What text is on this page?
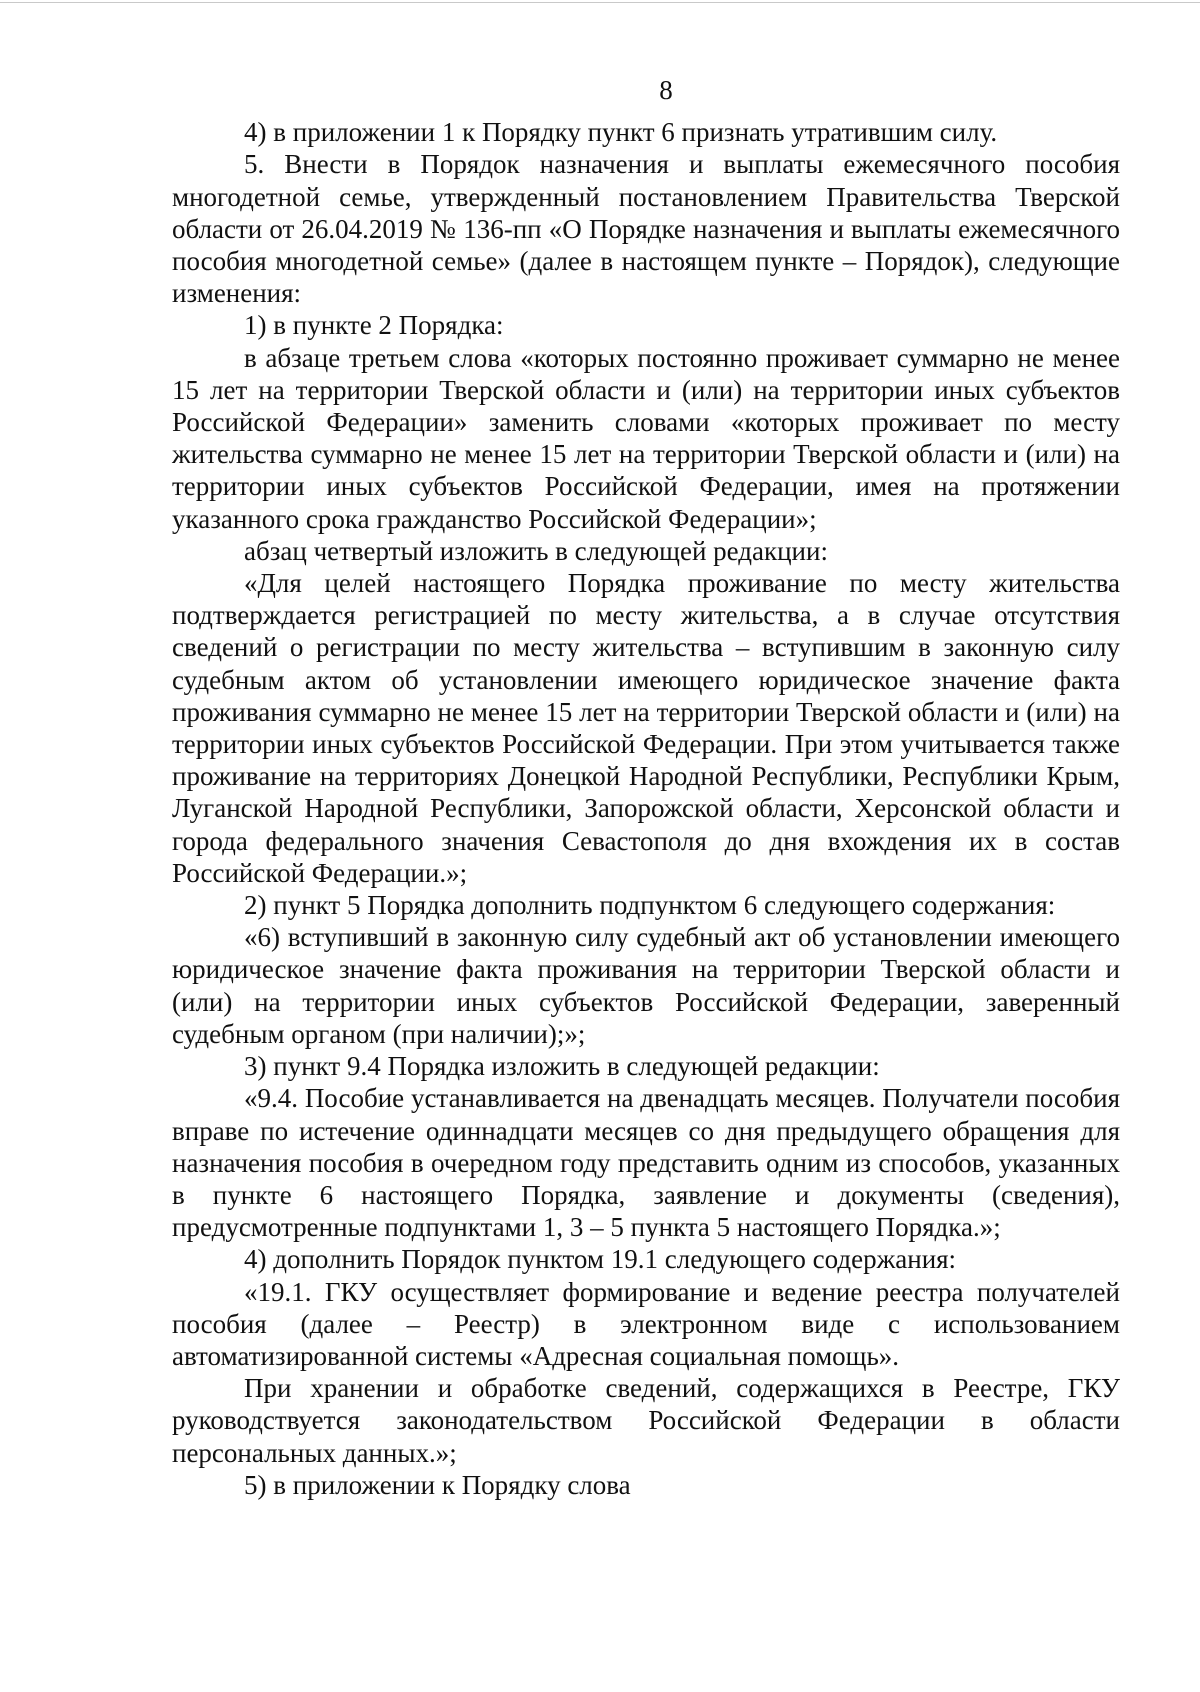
8

4) в приложении 1 к Порядку пункт 6 признать утратившим силу.

5. Внести в Порядок назначения и выплаты ежемесячного пособия многодетной семье, утвержденный постановлением Правительства Тверской области от 26.04.2019 № 136-пп «О Порядке назначения и выплаты ежемесячного пособия многодетной семье» (далее в настоящем пункте – Порядок), следующие изменения:

1) в пункте 2 Порядка:

в абзаце третьем слова «которых постоянно проживает суммарно не менее 15 лет на территории Тверской области и (или) на территории иных субъектов Российской Федерации» заменить словами «которых проживает по месту жительства суммарно не менее 15 лет на территории Тверской области и (или) на территории иных субъектов Российской Федерации, имея на протяжении указанного срока гражданство Российской Федерации»;

абзац четвертый изложить в следующей редакции:

«Для целей настоящего Порядка проживание по месту жительства подтверждается регистрацией по месту жительства, а в случае отсутствия сведений о регистрации по месту жительства – вступившим в законную силу судебным актом об установлении имеющего юридическое значение факта проживания суммарно не менее 15 лет на территории Тверской области и (или) на территории иных субъектов Российской Федерации. При этом учитывается также проживание на территориях Донецкой Народной Республики, Республики Крым, Луганской Народной Республики, Запорожской области, Херсонской области и города федерального значения Севастополя до дня вхождения их в состав Российской Федерации.»;

2) пункт 5 Порядка дополнить подпунктом 6 следующего содержания:

«6) вступивший в законную силу судебный акт об установлении имеющего юридическое значение факта проживания на территории Тверской области и (или) на территории иных субъектов Российской Федерации, заверенный судебным органом (при наличии);»;

3) пункт 9.4 Порядка изложить в следующей редакции:

«9.4. Пособие устанавливается на двенадцать месяцев. Получатели пособия вправе по истечение одиннадцати месяцев со дня предыдущего обращения для назначения пособия в очередном году представить одним из способов, указанных в пункте 6 настоящего Порядка, заявление и документы (сведения), предусмотренные подпунктами 1, 3 – 5 пункта 5 настоящего Порядка.»;

4) дополнить Порядок пунктом 19.1 следующего содержания:

«19.1. ГКУ осуществляет формирование и ведение реестра получателей пособия (далее – Реестр) в электронном виде с использованием автоматизированной системы «Адресная социальная помощь».

При хранении и обработке сведений, содержащихся в Реестре, ГКУ руководствуется законодательством Российской Федерации в области персональных данных.»;

5) в приложении к Порядку слова
